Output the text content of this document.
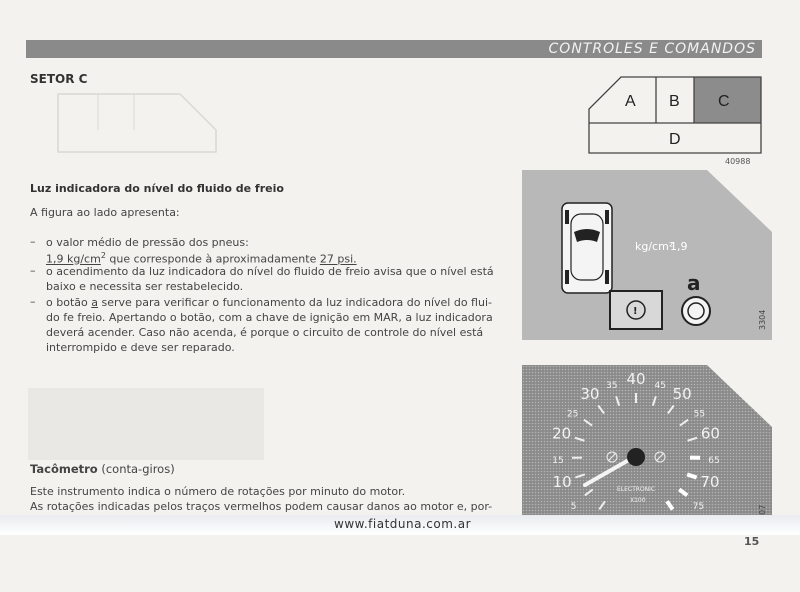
CONTROLES E COMANDOS
SETOR C
A B C
D
40988
Luz indicadora do nível do fluido de freio

A figura ao lado apresenta:

– o valor médio de pressão dos pneus:

1,9 $kg/cm^2$ que corresponde à aproximadamente 27 psi.

– o acendimento da luz indicadora do nível do fluido de freio avisa que o nível está

baixo e necessita ser restabelecido.

– o botão a serve para verificar o funcionamento da luz indicadora do nível do flui-

do fe freio. Apertando o botão, com a chave de ignição em MAR, a luz indicadora

deverá acender. Caso não acenda, é porque o circuito de controle do nível está

interrompido e deve ser reparado.

Tacômetro (conta-giros)

Este instrumento indica o número de rotações por minuto do motor.

As rotações indicadas pelos traços vermelhos podem causar danos ao motor e, por-

kg/cm²
1,9
!
a
3304
5
10
15
20
25
30 35 40 45 50
55
60
65
70
75
ELECTRONIC
X100
www.fiatduna.com.ar
15
